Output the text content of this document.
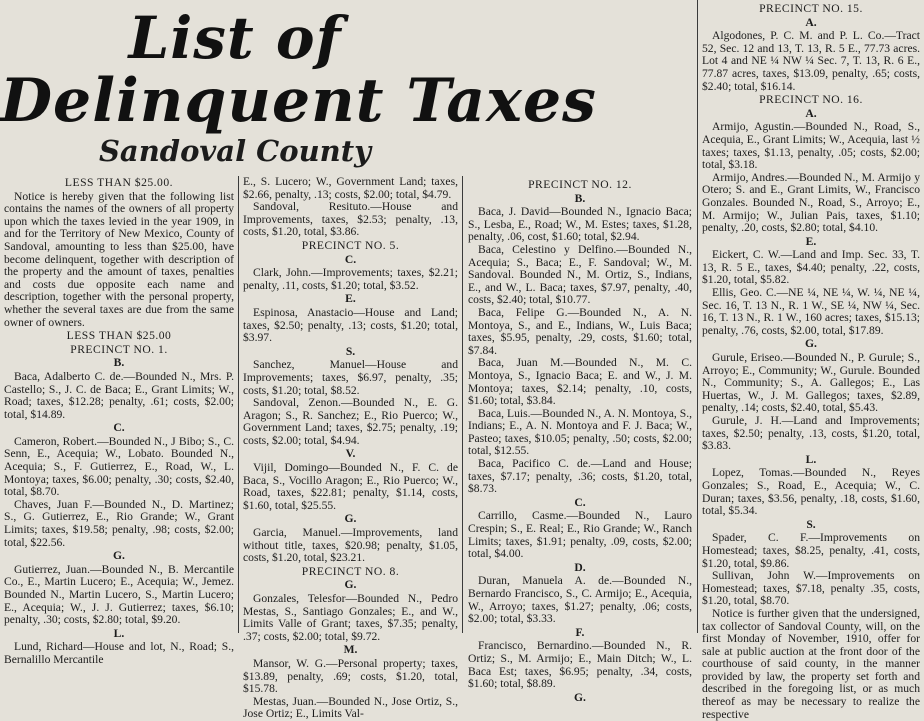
List of
Delinquent Taxes
Sandoval County
LESS THAN $25.00.

Notice is hereby given that the following list contains the names of the owners of all property upon which the taxes levied in the year 1909, in and for the Territory of New Mexico, County of Sandoval, amounting to less than $25.00, have become delinquent, together with description of the property and the amount of taxes, penalties and costs due opposite each name and description, together with the personal property, whether the several taxes are due from the same owner of owners.

LESS THAN $25.00
PRECINCT NO. 1.
B.

Baca, Adalberto C. de.—Bounded N., Mrs. P. Castello; S., J. C. de Baca; E., Grant Limits; W., Road; taxes, $12.28; penalty, .61; costs, $2.00; total, $14.89.

C.

Cameron, Robert.—Bounded N., J Bibo; S., C. Senn, E., Acequia; W., Lobato. Bounded N., Acequia; S., F. Gutierrez, E., Road, W., L. Montoya; taxes, $6.00; penalty, .30; costs, $2.40, total, $8.70.

Chaves, Juan F.—Bounded N., D. Martinez; S., G. Gutierrez, E., Rio Grande; W., Grant Limits; taxes, $19.58; penalty, .98; costs, $2.00; total, $22.56.

G.

Gutierrez, Juan.—Bounded N., B. Mercantile Co., E., Martin Lucero; E., Acequia; W., Jemez. Bounded N., Martin Lucero, S., Martin Lucero; E., Acequia; W., J. J. Gutierrez; taxes, $6.10; penalty, .30; costs, $2.80; total, $9.20.

L.

Lund, Richard—House and lot, N., Road; S., Bernalillo Mercantile

E., S. Lucero; W., Government Land; taxes, $2.66, penalty, .13; costs, $2.00; total, $4.79.

Sandoval, Resituto.—House and Improvements, taxes, $2.53; penalty, .13, costs, $1.20, total, $3.86.

PRECINCT NO. 5.
C.

Clark, John.—Improvements; taxes, $2.21; penalty, .11, costs, $1.20; total, $3.52.

E.

Espinosa, Anastacio—House and Land; taxes, $2.50; penalty, .13; costs, $1.20; total, $3.97.

S.

Sanchez, Manuel—House and Improvements; taxes, $6.97, penalty, .35; costs, $1.20; total, $8.52.

Sandoval, Zenon.—Bounded N., E. G. Aragon; S., R. Sanchez; E., Rio Puerco; W., Government Land; taxes, $2.75; penalty, .19; costs, $2.00; total, $4.94.

V.

Vijil, Domingo—Bounded N., F. C. de Baca, S., Vocillo Aragon; E., Rio Puerco; W., Road, taxes, $22.81; penalty, $1.14, costs, $1.60, total, $25.55.

G.

Garcia, Manuel.—Improvements, land without title, taxes, $20.98; penalty, $1.05, costs, $1.20, total, $23.21.

PRECINCT NO. 8.
G.

Gonzales, Telesfor—Bounded N., Pedro Mestas, S., Santiago Gonzales; E., and W., Limits Valle of Grant; taxes, $7.35; penalty, .37; costs, $2.00; total, $9.72.

M.

Mansor, W. G.—Personal property; taxes, $13.89, penalty, .69; costs, $1.20, total, $15.78.

Mestas, Juan.—Bounded N., Jose Ortiz, S., Jose Ortiz; E., Limits Val-

PRECINCT NO. 12.
B.

Baca, J. David—Bounded N., Ignacio Baca; S., Lesba, E., Road; W., M. Estes; taxes, $1.28, penalty, .06, cost, $1.60; total, $2.94.

Baca, Celestino y Delfino.—Bounded N., Acequia; S., Baca; E., F. Sandoval; W., M. Sandoval. Bounded N., M. Ortiz, S., Indians, E., and W., L. Baca; taxes, $7.97, penalty, .40, costs, $2.40; total, $10.77.

Baca, Felipe G.—Bounded N., A. N. Montoya, S., and E., Indians, W., Luis Baca; taxes, $5.95, penalty, .29, costs, $1.60; total, $7.84.

Baca, Juan M.—Bounded N., M. C. Montoya, S., Ignacio Baca; E. and W., J. M. Montoya; taxes, $2.14; penalty, .10, costs, $1.60; total, $3.84.

Baca, Luis.—Bounded N., A. N. Montoya, S., Indians; E., A. N. Montoya and F. J. Baca; W., Pasteo; taxes, $10.05; penalty, .50; costs, $2.00; total, $12.55.

Baca, Pacifico C. de.—Land and House; taxes, $7.17; penalty, .36; costs, $1.20, total, $8.73.

C.

Carrillo, Casme.—Bounded N., Lauro Crespin; S., E. Real; E., Rio Grande; W., Ranch Limits; taxes, $1.91; penalty, .09, costs, $2.00; total, $4.00.

D.

Duran, Manuela A. de.—Bounded N., Bernardo Francisco, S., C. Armijo; E., Acequia, W., Arroyo; taxes, $1.27; penalty, .06; costs, $2.00; total, $3.33.

F.

Francisco, Bernardino.—Bounded N., R. Ortiz; S., M. Armijo; E., Main Ditch; W., L. Baca Est; taxes, $6.95; penalty, .34, costs, $1.60; total, $8.89.

G.
PRECINCT NO. 15.
A.

Algodones, P. C. M. and P. L. Co.—Tract 52, Sec. 12 and 13, T. 13, R. 5 E., 77.73 acres. Lot 4 and NE ¼ NW ¼ Sec. 7, T. 13, R. 6 E., 77.87 acres, taxes, $13.09, penalty, .65; costs, $2.40; total, $16.14.

PRECINCT NO. 16.
A.

Armijo, Agustin.—Bounded N., Road, S., Acequia, E., Grant Limits; W., Acequia, last ½ taxes; taxes, $1.13, penalty, .05; costs, $2.00; total, $3.18.

Armijo, Andres.—Bounded N., M. Armijo y Otero; S. and E., Grant Limits, W., Francisco Gonzales. Bounded N., Road, S., Arroyo; E., M. Armijo; W., Julian Pais, taxes, $1.10; penalty, .20, costs, $2.80; total, $4.10.

E.

Eickert, C. W.—Land and Imp. Sec. 33, T. 13, R. 5 E., taxes, $4.40; penalty, .22, costs, $1.20, total, $5.82.

Ellis, Geo. C.—NE ¼, NE ¼, W. ¼, NE ¼, Sec. 16, T. 13 N., R. 1 W., SE ¼, NW ¼, Sec. 16, T. 13 N., R. 1 W., 160 acres; taxes, $15.13; penalty, .76, costs, $2.00, total, $17.89.

G.

Gurule, Eriseo.—Bounded N., P. Gurule; S., Arroyo; E., Community; W., Gurule. Bounded N., Community; S., A. Gallegos; E., Las Huertas, W., J. M. Gallegos; taxes, $2.89, penalty, .14; costs, $2.40, total, $5.43.

Gurule, J. H.—Land and Improvements; taxes, $2.50; penalty, .13, costs, $1.20, total, $3.83.

L.

Lopez, Tomas.—Bounded N., Reyes Gonzales; S., Road, E., Acequia; W., C. Duran; taxes, $3.56, penalty, .18, costs, $1.60, total, $5.34.

S.

Spader, C. F.—Improvements on Homestead; taxes, $8.25, penalty, .41, costs, $1.20, total, $9.86.

Sullivan, John W.—Improvements on Homestead; taxes, $7.18, penalty .35, costs, $1.20, total, $8.70.

Notice is further given that the undersigned, tax collector of Sandoval County, will, on the first Monday of November, 1910, offer for sale at public auction at the front door of the courthouse of said county, in the manner provided by law, the property set forth and described in the foregoing list, or as much thereof as may be necessary to realize the respective
